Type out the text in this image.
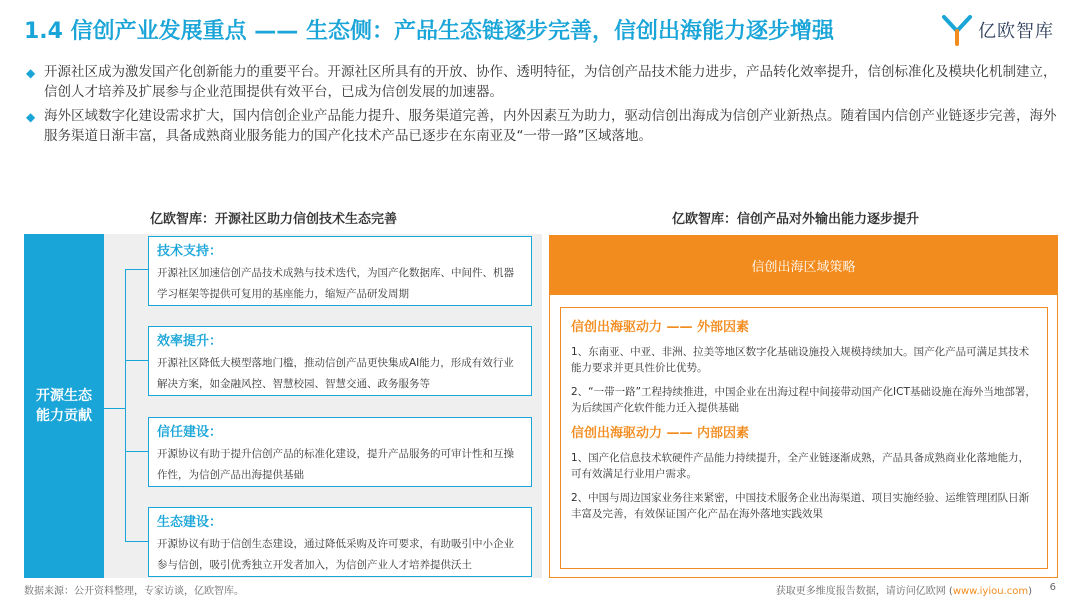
1.4 信创产业发展重点 —— 生态侧：产品生态链逐步完善，信创出海能力逐步增强	亿欧智库
◆ 开源社区成为激发国产化创新能力的重要平台。开源社区所具有的开放、协作、透明特征，为信创产品技术能力进步，产品转化效率提升，信创标准化及模块化机制建立，信创人才培养及扩展参与企业范围提供有效平台，已成为信创发展的加速器。
◆ 海外区域数字化建设需求扩大，国内信创企业产品能力提升、服务渠道完善，内外因素互为助力，驱动信创出海成为信创产业新热点。随着国内信创产业链逐步完善，海外服务渠道日渐丰富，具备成熟商业服务能力的国产化技术产品已逐步在东南亚及“一带一路”区域落地。
亿欧智库：开源社区助力信创技术生态完善	亿欧智库：信创产品对外输出能力逐步提升
开源生态
能力贡献
技术支持：
开源社区加速信创产品技术成熟与技术迭代，为国产化数据库、中间件、机器学习框架等提供可复用的基座能力，缩短产品研发周期
效率提升：
开源社区降低大模型落地门槛，推动信创产品更快集成AI能力，形成有效行业解决方案，如金融风控、智慧校园、智慧交通、政务服务等
信任建设：
开源协议有助于提升信创产品的标准化建设，提升产品服务的可审计性和互操作性，为信创产品出海提供基础
生态建设：
开源协议有助于信创生态建设，通过降低采购及许可要求，有助吸引中小企业参与信创，吸引优秀独立开发者加入，为信创产业人才培养提供沃土
信创出海区域策略
信创出海驱动力 —— 外部因素
1、东南亚、中亚、非洲、拉美等地区数字化基础设施投入规模持续加大。国产化产品可满足其技术能力要求并更具性价比优势。
2、“一带一路”工程持续推进，中国企业在出海过程中间接带动国产化ICT基础设施在海外当地部署，为后续国产化软件能力迁入提供基础
信创出海驱动力 —— 内部因素
1、国产化信息技术软硬件产品能力持续提升，全产业链逐渐成熟，产品具备成熟商业化落地能力，可有效满足行业用户需求。
2、中国与周边国家业务往来紧密，中国技术服务企业出海渠道、项目实施经验、运维管理团队日渐丰富及完善，有效保证国产化产品在海外落地实践效果
数据来源：公开资料整理，专家访谈，亿欧智库。	获取更多维度报告数据，请访问亿欧网 (www.iyiou.com) 6
